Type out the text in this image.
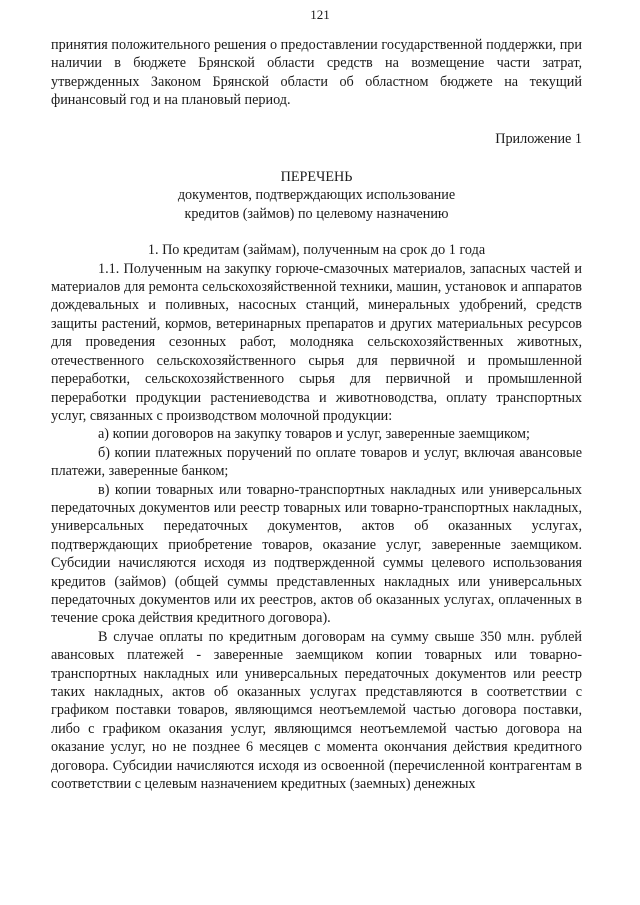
121

принятия положительного решения о предоставлении государственной поддержки, при наличии в бюджете Брянской области средств на возмещение части затрат, утвержденных Законом Брянской области об областном бюджете на текущий финансовый год и на плановый период.

Приложение 1

ПЕРЕЧЕНЬ

документов, подтверждающих использование

кредитов (займов) по целевому назначению

1. По кредитам (займам), полученным на срок до 1 года

1.1. Полученным на закупку горюче-смазочных материалов, запасных частей и материалов для ремонта сельскохозяйственной техники, машин, установок и аппаратов дождевальных и поливных, насосных станций, минеральных удобрений, средств защиты растений, кормов, ветеринарных препаратов и других материальных ресурсов для проведения сезонных работ, молодняка сельскохозяйственных животных, отечественного сельскохозяйственного сырья для первичной и промышленной переработки, сельскохозяйственного сырья для первичной и промышленной переработки продукции растениеводства и животноводства, оплату транспортных услуг, связанных с производством молочной продукции:

а) копии договоров на закупку товаров и услуг, заверенные заемщиком;

б) копии платежных поручений по оплате товаров и услуг, включая авансовые платежи, заверенные банком;

в) копии товарных или товарно-транспортных накладных или универсальных передаточных документов или реестр товарных или товарно-транспортных накладных, универсальных передаточных документов, актов об оказанных услугах, подтверждающих приобретение товаров, оказание услуг, заверенные заемщиком. Субсидии начисляются исходя из подтвержденной суммы целевого использования кредитов (займов) (общей суммы представленных накладных или универсальных передаточных документов или их реестров, актов об оказанных услугах, оплаченных в течение срока действия кредитного договора).

В случае оплаты по кредитным договорам на сумму свыше 350 млн. рублей авансовых платежей - заверенные заемщиком копии товарных или товарно-транспортных накладных или универсальных передаточных документов или реестр таких накладных, актов об оказанных услугах представляются в соответствии с графиком поставки товаров, являющимся неотъемлемой частью договора поставки, либо с графиком оказания услуг, являющимся неотъемлемой частью договора на оказание услуг, но не позднее 6 месяцев с момента окончания действия кредитного договора. Субсидии начисляются исходя из освоенной (перечисленной контрагентам в соответствии с целевым назначением кредитных (заемных) денежных
